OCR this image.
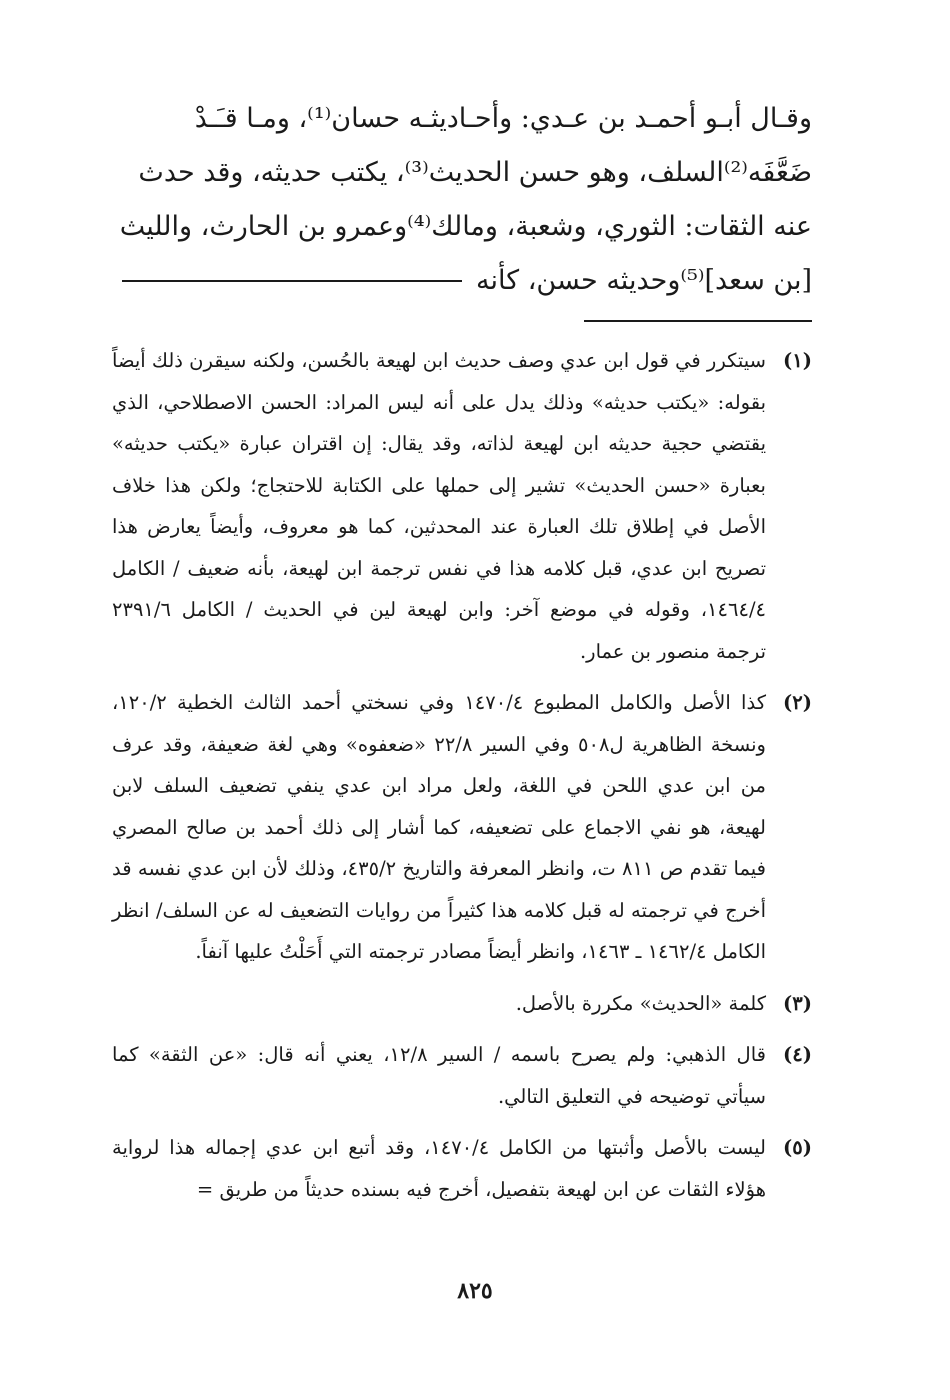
وقـال أبـو أحمـد بن عـدي: وأحـاديثـه حسان⁽¹⁾، ومـا قـَـدْ
ضَعَّفَه⁽²⁾السلف، وهو حسن الحديث⁽³⁾، يكتب حديثه، وقد حدث
عنه الثقات: الثوري، وشعبة، ومالك⁽⁴⁾وعمرو بن الحارث، والليث
[بن سعد]⁽⁵⁾وحديثه حسن، كأنه
(١)
سيتكرر في قول ابن عدي وصف حديث ابن لهيعة بالحُسن، ولكنه سيقرن ذلك أيضاً بقوله: «يكتب حديثه» وذلك يدل على أنه ليس المراد: الحسن الاصطلاحي، الذي يقتضي حجية حديثه ابن لهيعة لذاته، وقد يقال: إن اقتران عبارة «يكتب حديثه» بعبارة «حسن الحديث» تشير إلى حملها على الكتابة للاحتجاج؛ ولكن هذا خلاف الأصل في إطلاق تلك العبارة عند المحدثين، كما هو معروف، وأيضاً يعارض هذا تصريح ابن عدي، قبل كلامه هذا في نفس ترجمة ابن لهيعة، بأنه ضعيف / الكامل ١٤٦٤/٤، وقوله في موضع آخر: وابن لهيعة لين في الحديث / الكامل ٢٣٩١/٦ ترجمة منصور بن عمار.
(٢)
كذا الأصل والكامل المطبوع ١٤٧٠/٤ وفي نسختي أحمد الثالث الخطية ١٢٠/٢، ونسخة الظاهرية ل٥٠٨ وفي السير ٢٢/٨ «ضعفوه» وهي لغة ضعيفة، وقد عرف من ابن عدي اللحن في اللغة، ولعل مراد ابن عدي ينفي تضعيف السلف لابن لهيعة، هو نفي الاجماع على تضعيفه، كما أشار إلى ذلك أحمد بن صالح المصري فيما تقدم ص ٨١١ ت، وانظر المعرفة والتاريخ ٤٣٥/٢، وذلك لأن ابن عدي نفسه قد أخرج في ترجمته له قبل كلامه هذا كثيراً من روايات التضعيف له عن السلف/ انظر الكامل ١٤٦٢/٤ ـ ١٤٦٣، وانظر أيضاً مصادر ترجمته التي أَحَلْتُ عليها آنفاً.
(٣)
كلمة «الحديث» مكررة بالأصل.
(٤)
قال الذهبي: ولم يصرح باسمه / السير ١٢/٨، يعني أنه قال: «عن الثقة» كما سيأتي توضيحه في التعليق التالي.
(٥)
ليست بالأصل وأثبتها من الكامل ١٤٧٠/٤، وقد أتبع ابن عدي إجماله هذا لرواية هؤلاء الثقات عن ابن لهيعة بتفصيل، أخرج فيه بسنده حديثاً من طريق =
٨٢٥
